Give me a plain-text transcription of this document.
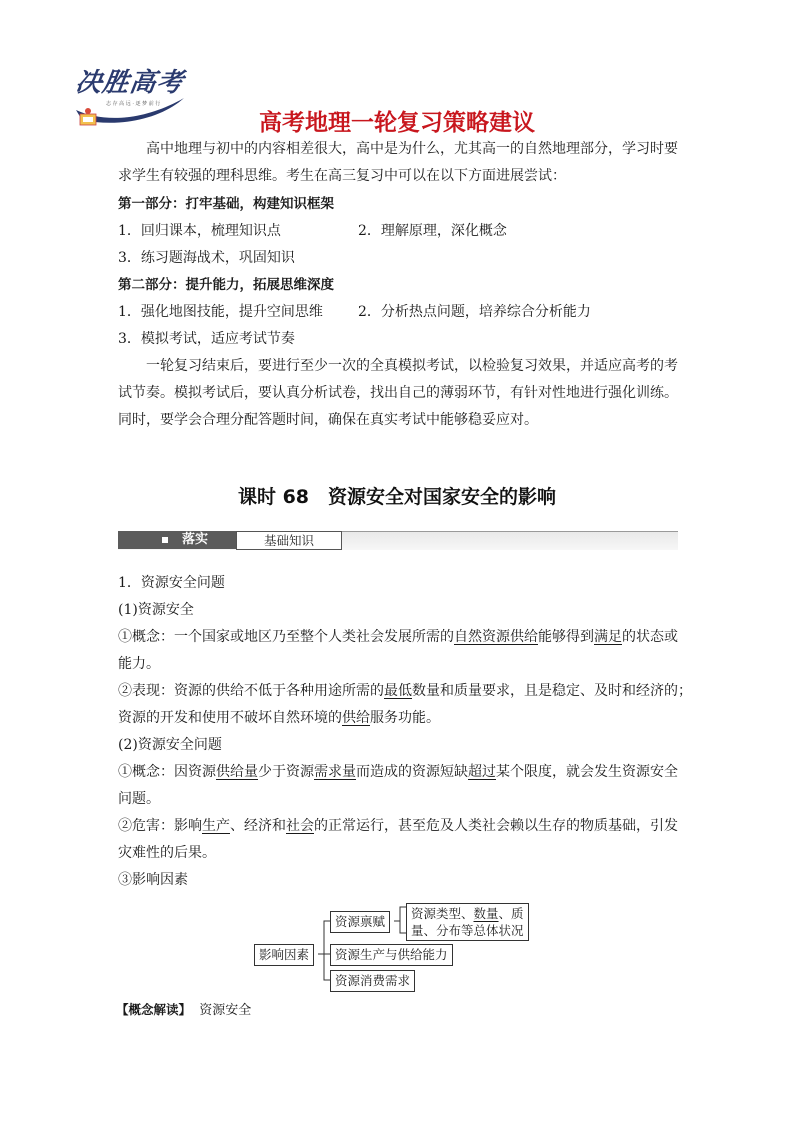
决胜高考
志 存 高 远 · 逐 梦 前 行
高考地理一轮复习策略建议

高中地理与初中的内容相差很大，高中是为什么，尤其高一的自然地理部分，学习时要求学生有较强的理科思维。考生在高三复习中可以在以下方面进展尝试：

第一部分：打牢基础，构建知识框架
1．回归课本，梳理知识点	2．理解原理，深化概念
3．练习题海战术，巩固知识
第二部分：提升能力，拓展思维深度
1．强化地图技能，提升空间思维	2．分析热点问题，培养综合分析能力
3．模拟考试，适应考试节奏

一轮复习结束后，要进行至少一次的全真模拟考试，以检验复习效果，并适应高考的考试节奏。模拟考试后，要认真分析试卷，找出自己的薄弱环节，有针对性地进行强化训练。同时，要学会合理分配答题时间，确保在真实考试中能够稳妥应对。

课时 68　资源安全对国家安全的影响
落实	基础知识
1．资源安全问题
(1)资源安全
①概念：一个国家或地区乃至整个人类社会发展所需的自然资源供给能够得到满足的状态或
能力。
②表现：资源的供给不低于各种用途所需的最低数量和质量要求，且是稳定、及时和经济的；
资源的开发和使用不破坏自然环境的供给服务功能。
(2)资源安全问题
①概念：因资源供给量少于资源需求量而造成的资源短缺超过某个限度，就会发生资源安全
问题。
②危害：影响生产、经济和社会的正常运行，甚至危及人类社会赖以生存的物质基础，引发
灾难性的后果。
③影响因素
影响因素
资源禀赋
资源类型、数量、质
量、分布等总体状况
资源生产与供给能力
资源消费需求
【概念解读】 资源安全
